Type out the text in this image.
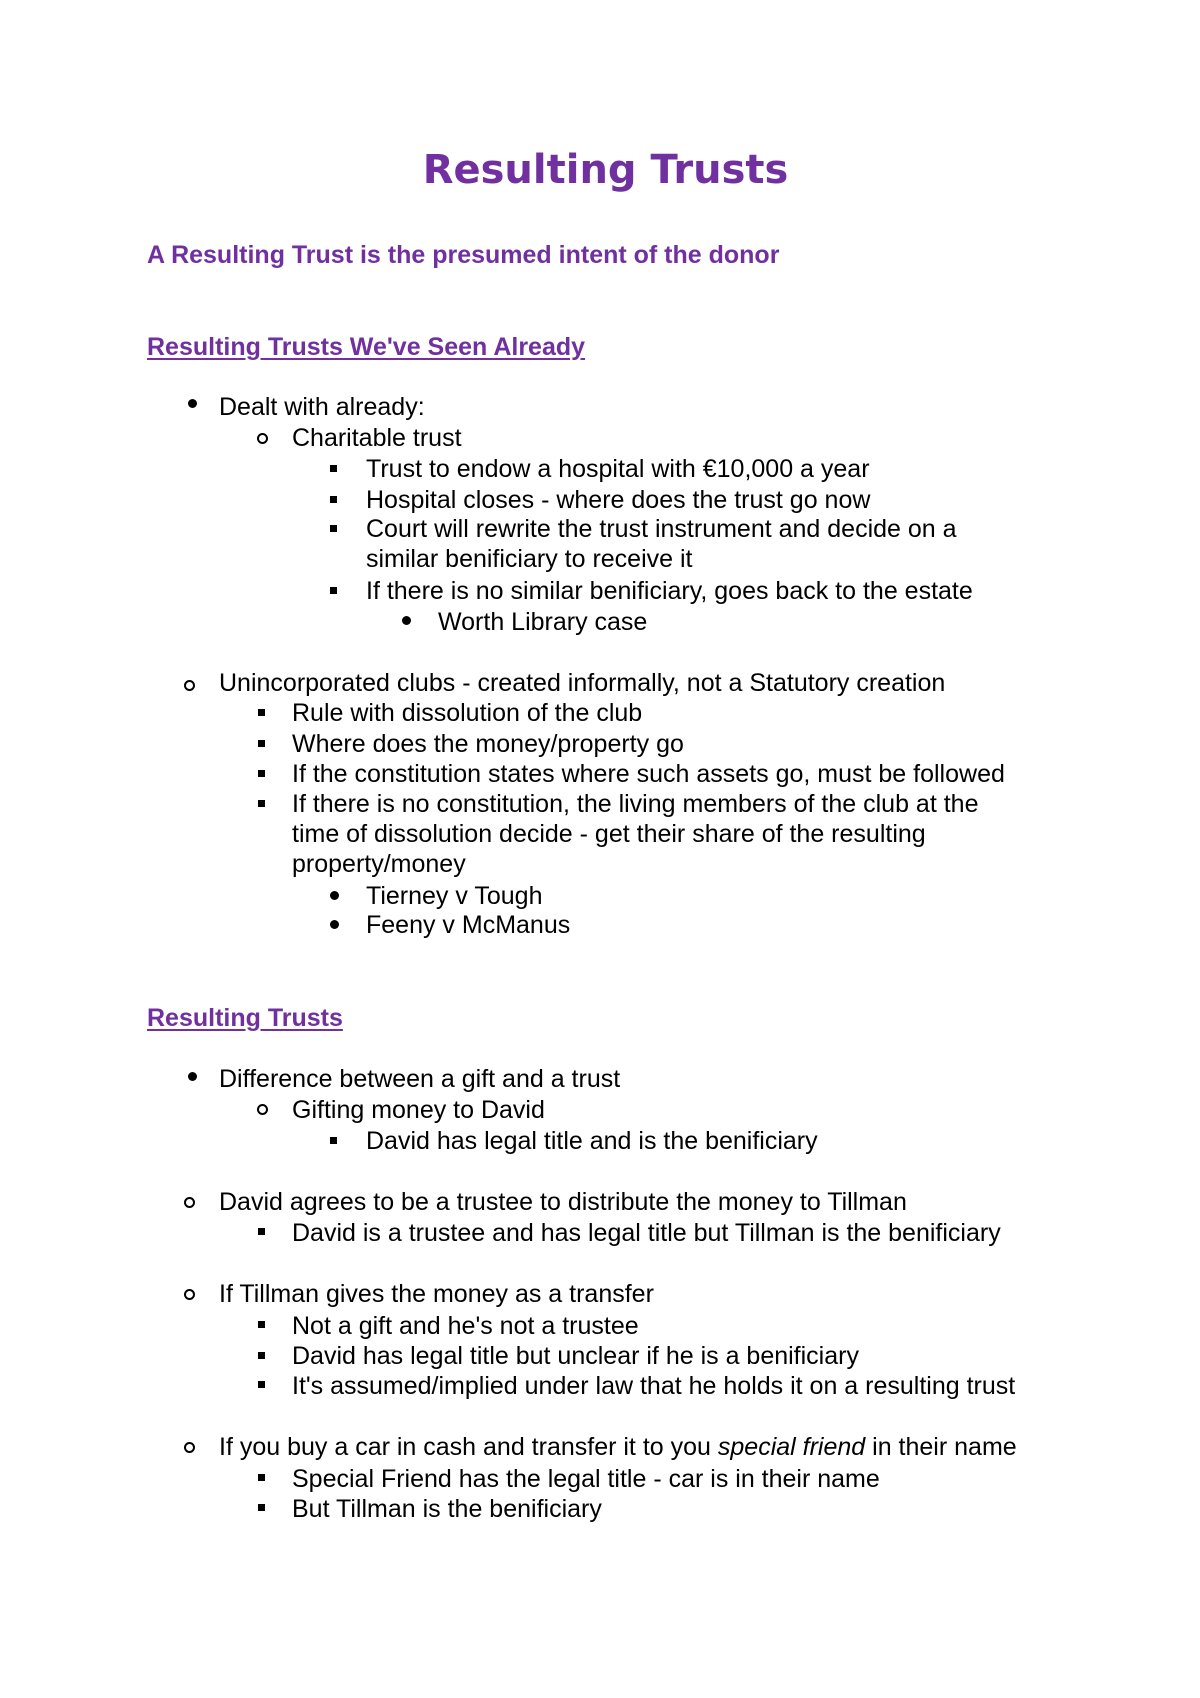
Resulting Trusts

A Resulting Trust is the presumed intent of the donor

Resulting Trusts We've Seen Already

Dealt with already:

Charitable trust

Trust to endow a hospital with €10,000 a year

Hospital closes - where does the trust go now

Court will rewrite the trust instrument and decide on a similar benificiary to receive it

If there is no similar benificiary, goes back to the estate

Worth Library case

Unincorporated clubs - created informally, not a Statutory creation

Rule with dissolution of the club

Where does the money/property go

If the constitution states where such assets go, must be followed

If there is no constitution, the living members of the club at the time of dissolution decide - get their share of the resulting property/money

Tierney v Tough

Feeny v McManus

Resulting Trusts

Difference between a gift and a trust

Gifting money to David

David has legal title and is the benificiary

David agrees to be a trustee to distribute the money to Tillman

David is a trustee and has legal title but Tillman is the benificiary

If Tillman gives the money as a transfer

Not a gift and he's not a trustee

David has legal title but unclear if he is a benificiary

It's assumed/implied under law that he holds it on a resulting trust

If you buy a car in cash and transfer it to you special friend in their name

Special Friend has the legal title - car is in their name

But Tillman is the benificiary
